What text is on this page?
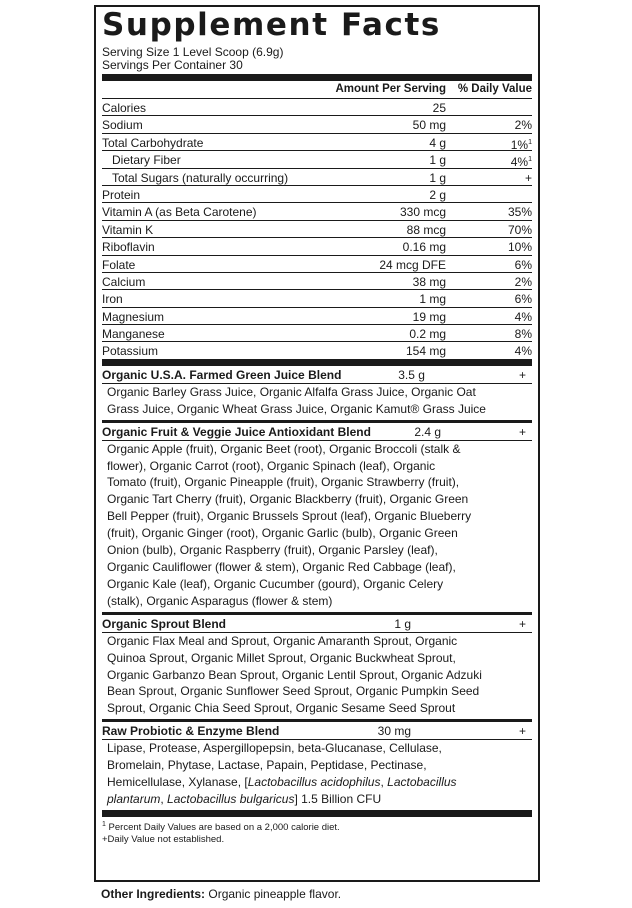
Supplement Facts
Serving Size 1 Level Scoop (6.9g)
Servings Per Container 30
Amount Per Serving	% Daily Value
Calories	25
Sodium	50 mg	2%
Total Carbohydrate	4 g	1%$^1$
Dietary Fiber	1 g	4%$^1$
Total Sugars (naturally occurring)	1 g	+
Protein	2 g
Vitamin A (as Beta Carotene)	330 mcg	35%
Vitamin K	88 mcg	70%
Riboflavin	0.16 mg	10%
Folate	24 mcg DFE	6%
Calcium	38 mg	2%
Iron	1 mg	6%
Magnesium	19 mg	4%
Manganese	0.2 mg	8%
Potassium	154 mg	4%
Organic U.S.A. Farmed Green Juice Blend	3.5 g	+
Organic Barley Grass Juice, Organic Alfalfa Grass Juice, Organic Oat
Grass Juice, Organic Wheat Grass Juice, Organic Kamut® Grass Juice
Organic Fruit & Veggie Juice Antioxidant Blend	2.4 g	+
Organic Apple (fruit), Organic Beet (root), Organic Broccoli (stalk &
flower), Organic Carrot (root), Organic Spinach (leaf), Organic
Tomato (fruit), Organic Pineapple (fruit), Organic Strawberry (fruit),
Organic Tart Cherry (fruit), Organic Blackberry (fruit), Organic Green
Bell Pepper (fruit), Organic Brussels Sprout (leaf), Organic Blueberry
(fruit), Organic Ginger (root), Organic Garlic (bulb), Organic Green
Onion (bulb), Organic Raspberry (fruit), Organic Parsley (leaf),
Organic Cauliflower (flower & stem), Organic Red Cabbage (leaf),
Organic Kale (leaf), Organic Cucumber (gourd), Organic Celery
(stalk), Organic Asparagus (flower & stem)
Organic Sprout Blend	1 g	+
Organic Flax Meal and Sprout, Organic Amaranth Sprout, Organic
Quinoa Sprout, Organic Millet Sprout, Organic Buckwheat Sprout,
Organic Garbanzo Bean Sprout, Organic Lentil Sprout, Organic Adzuki
Bean Sprout, Organic Sunflower Seed Sprout, Organic Pumpkin Seed
Sprout, Organic Chia Seed Sprout, Organic Sesame Seed Sprout
Raw Probiotic & Enzyme Blend	30 mg	+
Lipase, Protease, Aspergillopepsin, beta-Glucanase, Cellulase,
Bromelain, Phytase, Lactase, Papain, Peptidase, Pectinase,
Hemicellulase, Xylanase, [Lactobacillus acidophilus, Lactobacillus
plantarum, Lactobacillus bulgaricus] 1.5 Billion CFU
$^1$ Percent Daily Values are based on a 2,000 calorie diet.
+Daily Value not established.
Other Ingredients: Organic pineapple flavor.
